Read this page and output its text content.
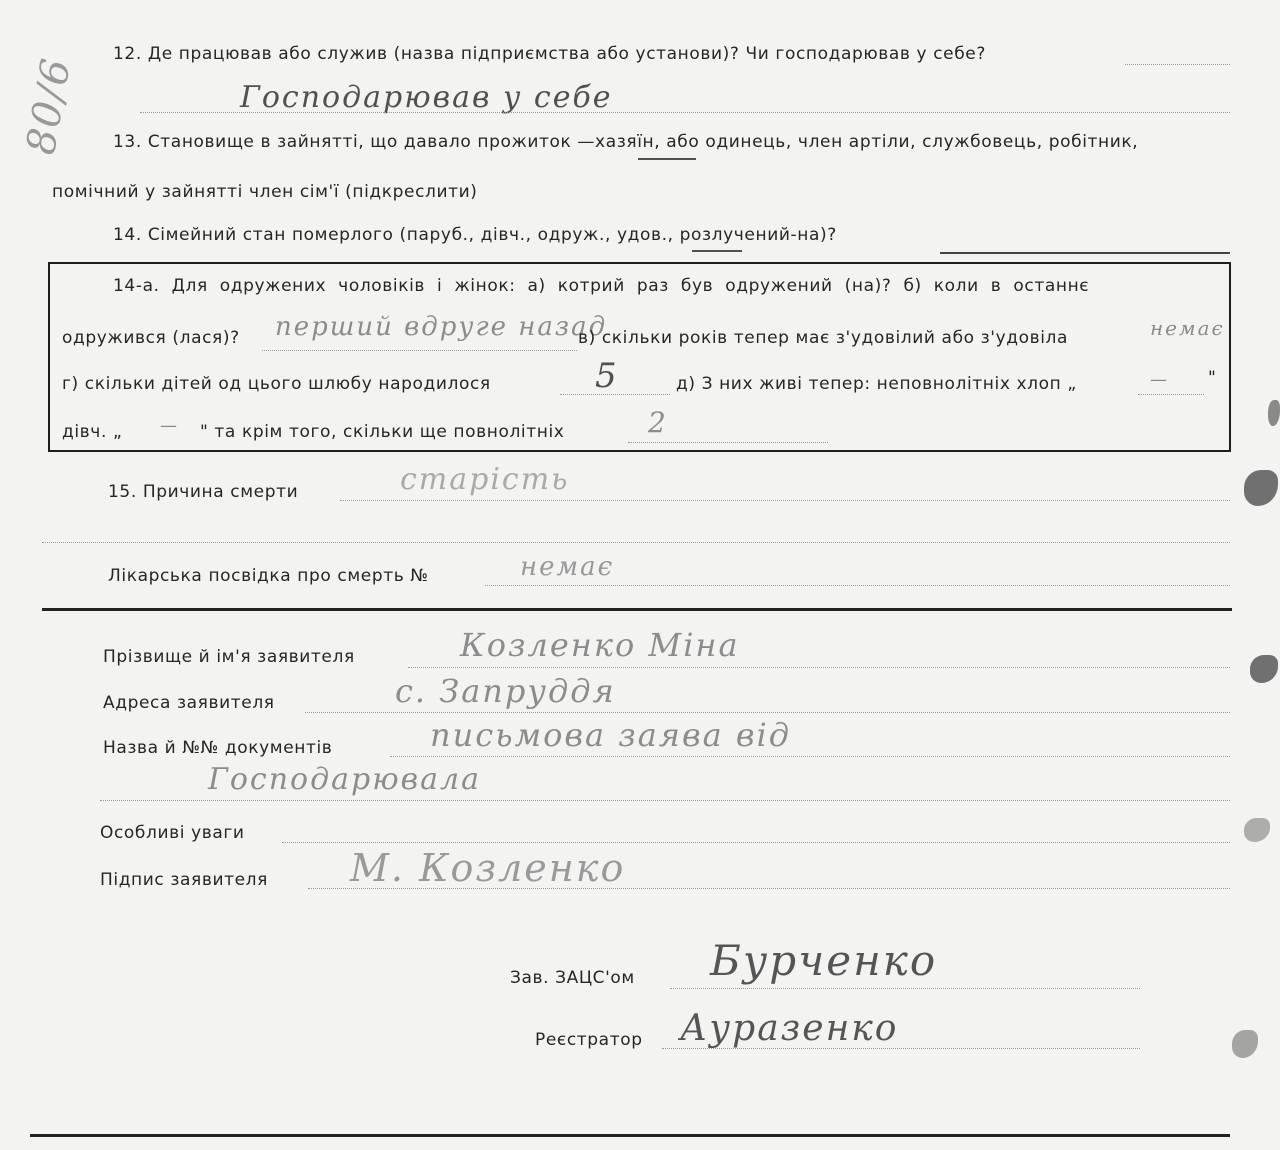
80/6 12. Де працював або служив (назва підприємства або установи)? Чи господарював у себе?
Господарював у себе
13. Становище в зайнятті, що давало прожиток —хазяїн, або одинець, член артіли, службовець, робітник,
помічний у зайнятті член сім'ї (підкреслити)
14. Сімейний стан померлого (паруб., дівч., одруж., удов., розлучений-на)?
14-а. Для одружених чоловіків і жінок: а) котрий раз був одружений (на)? б) коли в останнє
одружився (лася)? перший вдруге назад
в) скільки років тепер має з'удовілий або з'удовіла	немає
г) скільки дітей од цього шлюбу народилося	5	д) З них живі тепер: неповнолітніх хлоп „	— "
дівч. „ — " та крім того, скільки ще повнолітніх	2
15. Причина смерти	старість
Лікарська посвідка про смерть №	немає
Прізвище й ім'я заявителя	Козленко Міна
Адреса заявителя	с. Запруддя
Назва й №№ документів	письмова заява від
Господарювала
Особливі уваги
Підпис заявителя М. Козленко
Зав. ЗАЦС'ом Бурченко
Реєстратор Ауразенко
